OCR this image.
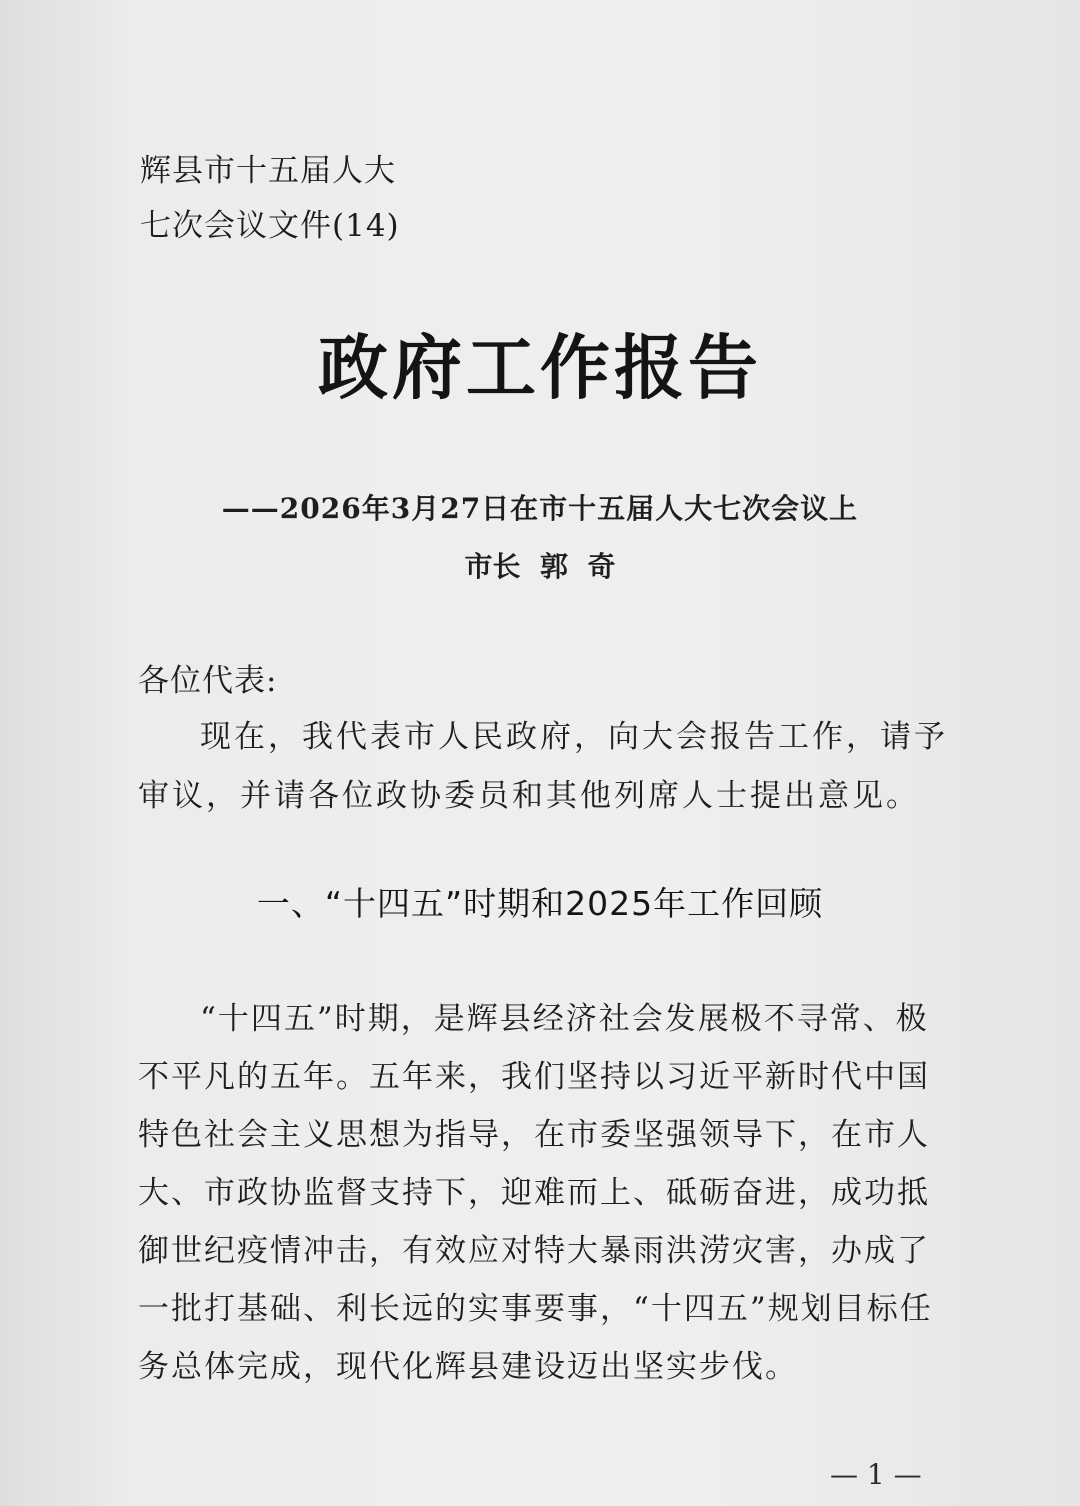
辉县市十五届人大
七次会议文件(14)
政府工作报告
——2026年3月27日在市十五届人大七次会议上
市长  郭  奇
各位代表:
现在，我代表市人民政府，向大会报告工作，请予审议，并请各位政协委员和其他列席人士提出意见。
一、“十四五”时期和2025年工作回顾
“十四五”时期，是辉县经济社会发展极不寻常、极不平凡的五年。五年来，我们坚持以习近平新时代中国特色社会主义思想为指导，在市委坚强领导下，在市人大、市政协监督支持下，迎难而上、砥砺奋进，成功抵御世纪疫情冲击，有效应对特大暴雨洪涝灾害，办成了一批打基础、利长远的实事要事，“十四五”规划目标任务总体完成，现代化辉县建设迈出坚实步伐。
— 1 —
